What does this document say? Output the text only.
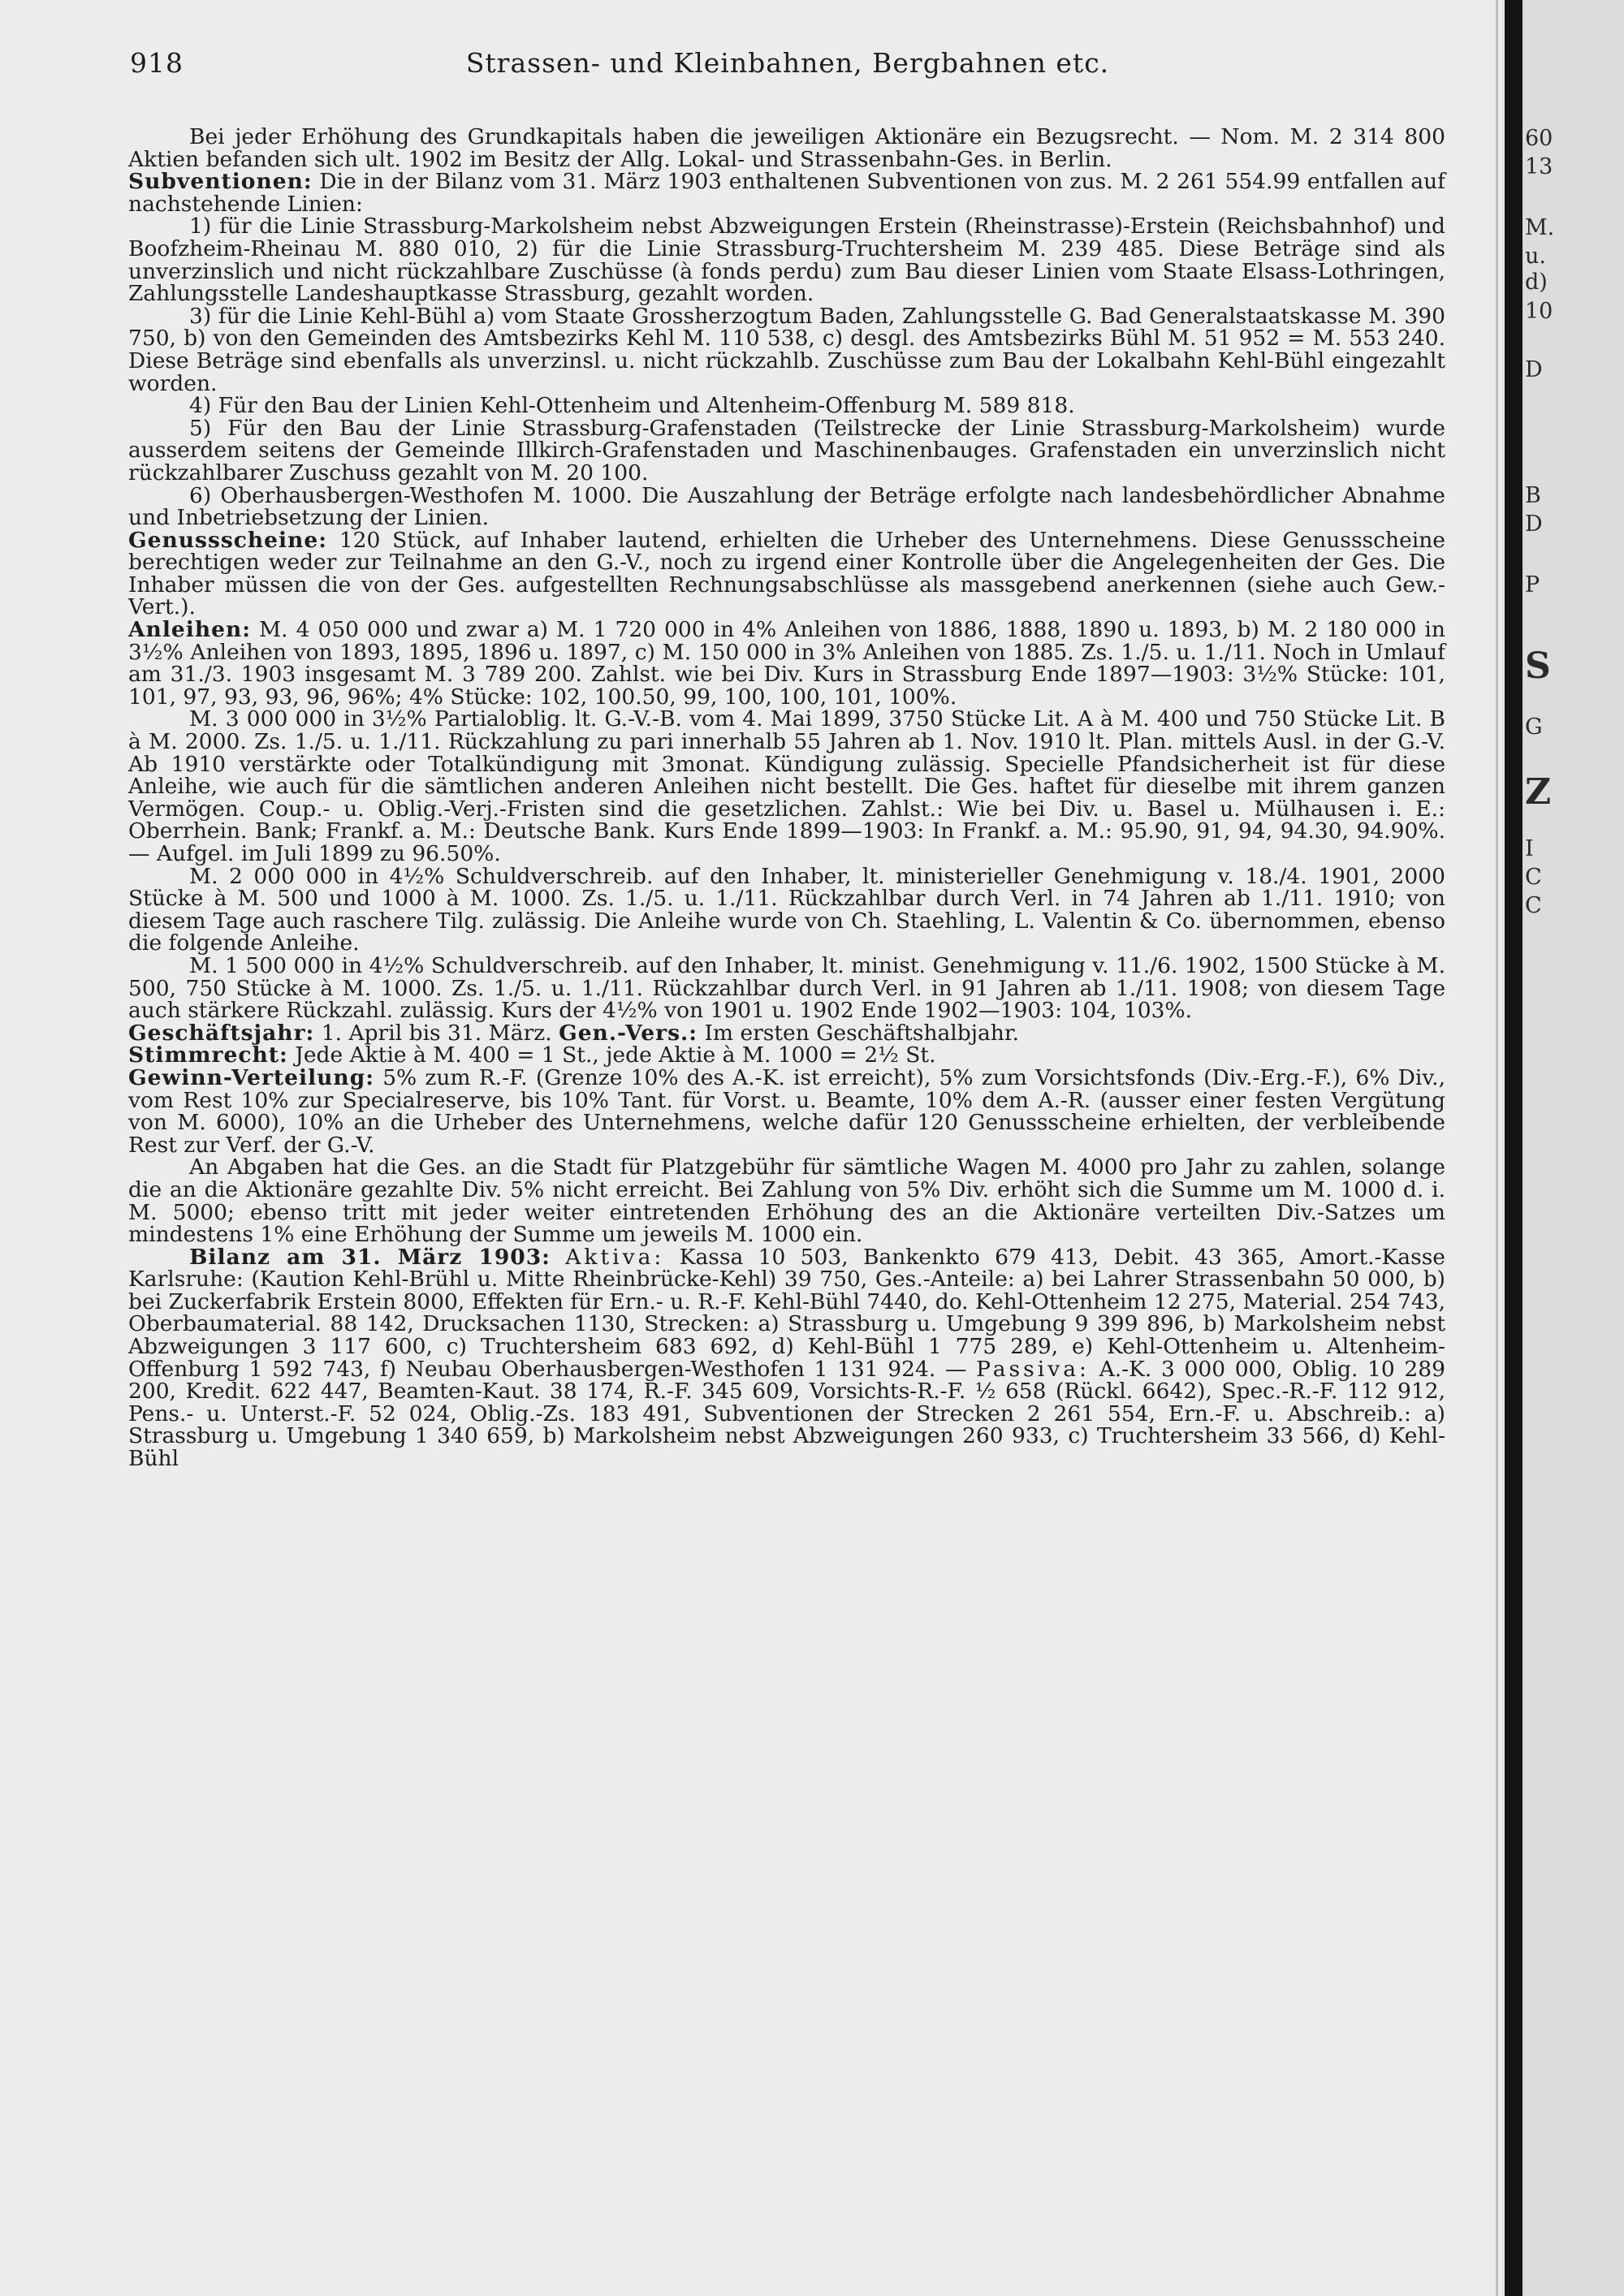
918	Strassen- und Kleinbahnen, Bergbahnen etc.

Bei jeder Erhöhung des Grundkapitals haben die jeweiligen Aktionäre ein Bezugsrecht. — Nom. M. 2 314 800 Aktien befanden sich ult. 1902 im Besitz der Allg. Lokal- und Strassenbahn-Ges. in Berlin.

Subventionen: Die in der Bilanz vom 31. März 1903 enthaltenen Subventionen von zus. M. 2 261 554.99 entfallen auf nachstehende Linien:

1) für die Linie Strassburg-Markolsheim nebst Abzweigungen Erstein (Rheinstrasse)-Erstein (Reichsbahnhof) und Boofzheim-Rheinau M. 880 010, 2) für die Linie Strassburg-Truchtersheim M. 239 485. Diese Beträge sind als unverzinslich und nicht rückzahlbare Zuschüsse (à fonds perdu) zum Bau dieser Linien vom Staate Elsass-Lothringen, Zahlungsstelle Landeshauptkasse Strassburg, gezahlt worden.

3) für die Linie Kehl-Bühl a) vom Staate Grossherzogtum Baden, Zahlungsstelle G. Bad Generalstaatskasse M. 390 750, b) von den Gemeinden des Amtsbezirks Kehl M. 110 538, c) desgl. des Amtsbezirks Bühl M. 51 952 = M. 553 240. Diese Beträge sind ebenfalls als unverzinsl. u. nicht rückzahlb. Zuschüsse zum Bau der Lokalbahn Kehl-Bühl eingezahlt worden.

4) Für den Bau der Linien Kehl-Ottenheim und Altenheim-Offenburg M. 589 818.

5) Für den Bau der Linie Strassburg-Grafenstaden (Teilstrecke der Linie Strassburg-Markolsheim) wurde ausserdem seitens der Gemeinde Illkirch-Grafenstaden und Maschinenbauges. Grafenstaden ein unverzinslich nicht rückzahlbarer Zuschuss gezahlt von M. 20 100.

6) Oberhausbergen-Westhofen M. 1000. Die Auszahlung der Beträge erfolgte nach landesbehördlicher Abnahme und Inbetriebsetzung der Linien.

Genussscheine: 120 Stück, auf Inhaber lautend, erhielten die Urheber des Unternehmens. Diese Genussscheine berechtigen weder zur Teilnahme an den G.-V., noch zu irgend einer Kontrolle über die Angelegenheiten der Ges. Die Inhaber müssen die von der Ges. aufgestellten Rechnungsabschlüsse als massgebend anerkennen (siehe auch Gew.-Vert.).

Anleihen: M. 4 050 000 und zwar a) M. 1 720 000 in 4% Anleihen von 1886, 1888, 1890 u. 1893, b) M. 2 180 000 in 3½% Anleihen von 1893, 1895, 1896 u. 1897, c) M. 150 000 in 3% Anleihen von 1885. Zs. 1./5. u. 1./11. Noch in Umlauf am 31./3. 1903 insgesamt M. 3 789 200. Zahlst. wie bei Div. Kurs in Strassburg Ende 1897—1903: 3½% Stücke: 101, 101, 97, 93, 93, 96, 96%; 4% Stücke: 102, 100.50, 99, 100, 100, 101, 100%.

M. 3 000 000 in 3½% Partialoblig. lt. G.-V.-B. vom 4. Mai 1899, 3750 Stücke Lit. A à M. 400 und 750 Stücke Lit. B à M. 2000. Zs. 1./5. u. 1./11. Rückzahlung zu pari innerhalb 55 Jahren ab 1. Nov. 1910 lt. Plan. mittels Ausl. in der G.-V. Ab 1910 verstärkte oder Totalkündigung mit 3monat. Kündigung zulässig. Specielle Pfandsicherheit ist für diese Anleihe, wie auch für die sämtlichen anderen Anleihen nicht bestellt. Die Ges. haftet für dieselbe mit ihrem ganzen Vermögen. Coup.- u. Oblig.-Verj.-Fristen sind die gesetzlichen. Zahlst.: Wie bei Div. u. Basel u. Mülhausen i. E.: Oberrhein. Bank; Frankf. a. M.: Deutsche Bank. Kurs Ende 1899—1903: In Frankf. a. M.: 95.90, 91, 94, 94.30, 94.90%. — Aufgel. im Juli 1899 zu 96.50%.

M. 2 000 000 in 4½% Schuldverschreib. auf den Inhaber, lt. ministerieller Genehmigung v. 18./4. 1901, 2000 Stücke à M. 500 und 1000 à M. 1000. Zs. 1./5. u. 1./11. Rückzahlbar durch Verl. in 74 Jahren ab 1./11. 1910; von diesem Tage auch raschere Tilg. zulässig. Die Anleihe wurde von Ch. Staehling, L. Valentin & Co. übernommen, ebenso die folgende Anleihe.

M. 1 500 000 in 4½% Schuldverschreib. auf den Inhaber, lt. minist. Genehmigung v. 11./6. 1902, 1500 Stücke à M. 500, 750 Stücke à M. 1000. Zs. 1./5. u. 1./11. Rückzahlbar durch Verl. in 91 Jahren ab 1./11. 1908; von diesem Tage auch stärkere Rückzahl. zulässig. Kurs der 4½% von 1901 u. 1902 Ende 1902—1903: 104, 103%.

Geschäftsjahr: 1. April bis 31. März. Gen.-Vers.: Im ersten Geschäftshalbjahr.

Stimmrecht: Jede Aktie à M. 400 = 1 St., jede Aktie à M. 1000 = 2½ St.

Gewinn-Verteilung: 5% zum R.-F. (Grenze 10% des A.-K. ist erreicht), 5% zum Vorsichtsfonds (Div.-Erg.-F.), 6% Div., vom Rest 10% zur Specialreserve, bis 10% Tant. für Vorst. u. Beamte, 10% dem A.-R. (ausser einer festen Vergütung von M. 6000), 10% an die Urheber des Unternehmens, welche dafür 120 Genussscheine erhielten, der verbleibende Rest zur Verf. der G.-V.

An Abgaben hat die Ges. an die Stadt für Platzgebühr für sämtliche Wagen M. 4000 pro Jahr zu zahlen, solange die an die Aktionäre gezahlte Div. 5% nicht erreicht. Bei Zahlung von 5% Div. erhöht sich die Summe um M. 1000 d. i. M. 5000; ebenso tritt mit jeder weiter eintretenden Erhöhung des an die Aktionäre verteilten Div.-Satzes um mindestens 1% eine Erhöhung der Summe um jeweils M. 1000 ein.

Bilanz am 31. März 1903: Aktiva: Kassa 10 503, Bankenkto 679 413, Debit. 43 365, Amort.-Kasse Karlsruhe: (Kaution Kehl-Brühl u. Mitte Rheinbrücke-Kehl) 39 750, Ges.-Anteile: a) bei Lahrer Strassenbahn 50 000, b) bei Zuckerfabrik Erstein 8000, Effekten für Ern.- u. R.-F. Kehl-Bühl 7440, do. Kehl-Ottenheim 12 275, Material. 254 743, Oberbaumaterial. 88 142, Drucksachen 1130, Strecken: a) Strassburg u. Umgebung 9 399 896, b) Markolsheim nebst Abzweigungen 3 117 600, c) Truchtersheim 683 692, d) Kehl-Bühl 1 775 289, e) Kehl-Ottenheim u. Altenheim-Offenburg 1 592 743, f) Neubau Oberhausbergen-Westhofen 1 131 924. — Passiva: A.-K. 3 000 000, Oblig. 10 289 200, Kredit. 622 447, Beamten-Kaut. 38 174, R.-F. 345 609, Vorsichts-R.-F. ½ 658 (Rückl. 6642), Spec.-R.-F. 112 912, Pens.- u. Unterst.-F. 52 024, Oblig.-Zs. 183 491, Subventionen der Strecken 2 261 554, Ern.-F. u. Abschreib.: a) Strassburg u. Umgebung 1 340 659, b) Markolsheim nebst Abzweigungen 260 933, c) Truchtersheim 33 566, d) Kehl-Bühl

60
13
M.
u.
d)
10
D
B
D
P
S
G
Z
I
C
C
